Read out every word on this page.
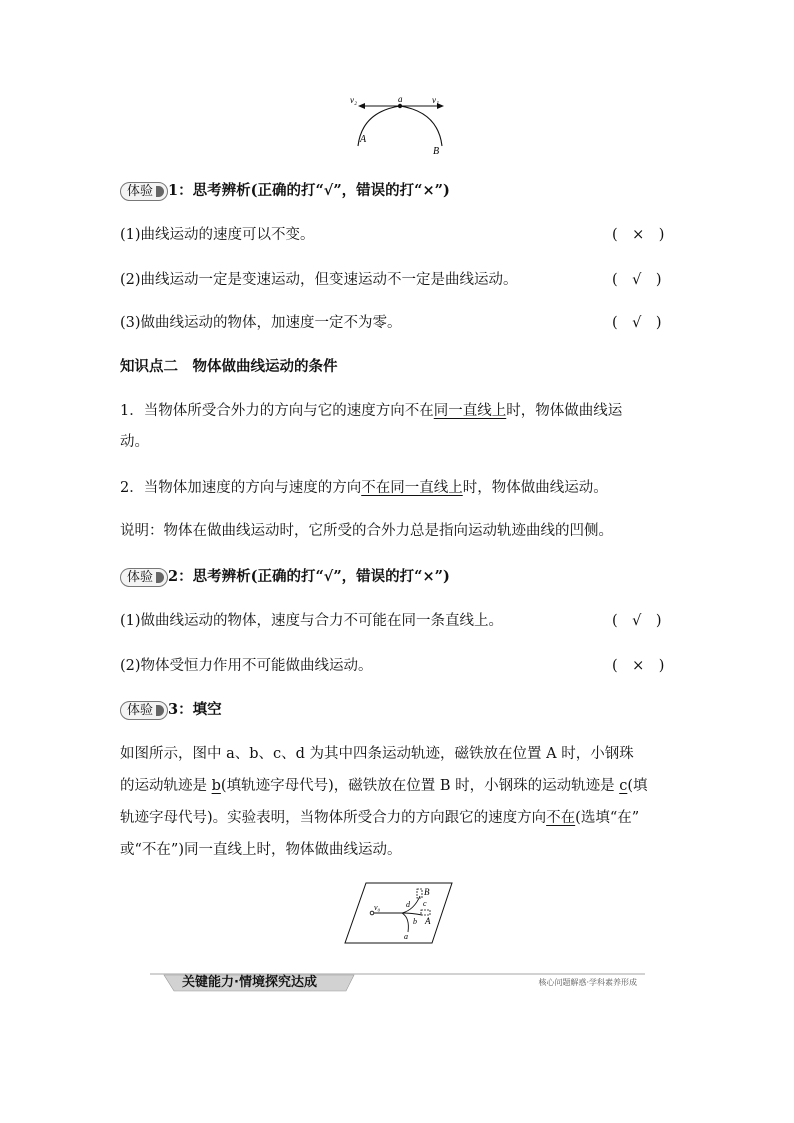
v₂	a	v₁
A
B
体验 1：思考辨析(正确的打“√”，错误的打“×”)
(1)曲线运动的速度可以不变。	(　×　)
(2)曲线运动一定是变速运动，但变速运动不一定是曲线运动。	(　√　)
(3)做曲线运动的物体，加速度一定不为零。	(　√　)
知识点二　物体做曲线运动的条件
1．当物体所受合外力的方向与它的速度方向不在同一直线上时，物体做曲线运
动。
2．当物体加速度的方向与速度的方向不在同一直线上时，物体做曲线运动。
说明：物体在做曲线运动时，它所受的合外力总是指向运动轨迹曲线的凹侧。
体验 2：思考辨析(正确的打“√”，错误的打“×”)
(1)做曲线运动的物体，速度与合力不可能在同一条直线上。	(　√　)
(2)物体受恒力作用不可能做曲线运动。	(　×　)
体验 3：填空
如图所示，图中 a、b、c、d 为其中四条运动轨迹，磁铁放在位置 A 时，小钢珠
的运动轨迹是 b(填轨迹字母代号)，磁铁放在位置 B 时，小钢珠的运动轨迹是 c(填
轨迹字母代号)。实验表明，当物体所受合力的方向跟它的速度方向不在(选填“在”
或“不在”)同一直线上时，物体做曲线运动。
v₀
B
d c
b A
a
关键能力·情境探究达成	核心问题解惑·学科素养形成
